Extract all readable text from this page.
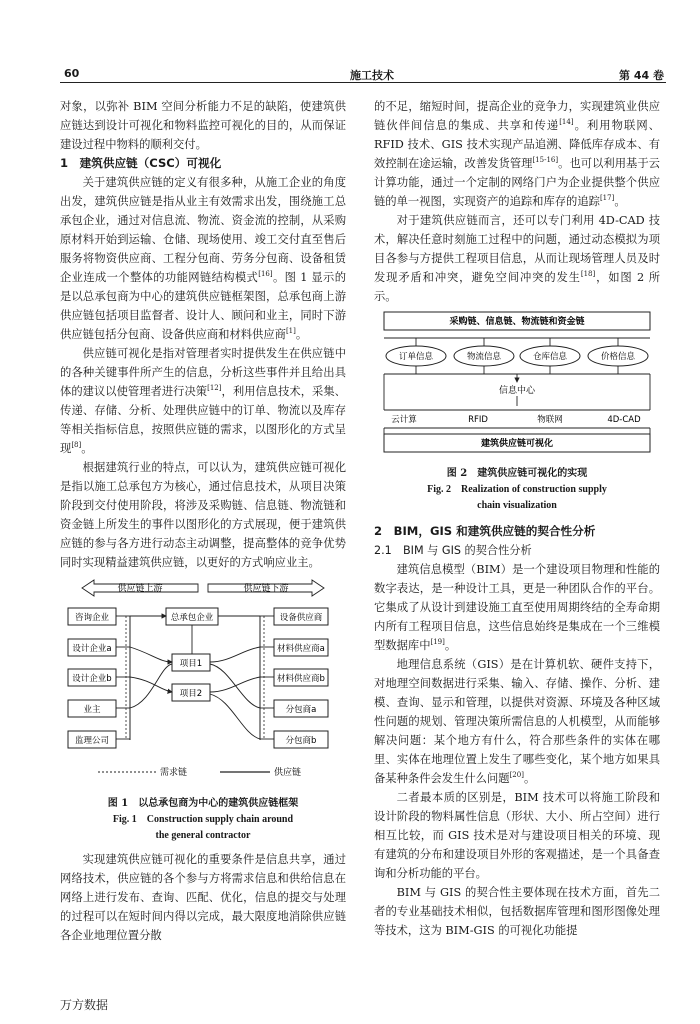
60	施工技术	第 44 卷

对象，以弥补 BIM 空间分析能力不足的缺陷，使建筑供应链达到设计可视化和物料监控可视化的目的，从而保证建设过程中物料的顺利交付。

1　建筑供应链（CSC）可视化

关于建筑供应链的定义有很多种，从施工企业的角度出发，建筑供应链是指从业主有效需求出发，围绕施工总承包企业，通过对信息流、物流、资金流的控制，从采购原材料开始到运输、仓储、现场使用、竣工交付直至售后服务将物资供应商、工程分包商、劳务分包商、设备租赁企业连成一个整体的功能网链结构模式[16]。图 1 显示的是以总承包商为中心的建筑供应链框架图，总承包商上游供应链包括项目监督者、设计人、顾问和业主，同时下游供应链包括分包商、设备供应商和材料供应商[1]。

供应链可视化是指对管理者实时提供发生在供应链中的各种关键事件所产生的信息，分析这些事件并且给出具体的建议以使管理者进行决策[12]，利用信息技术，采集、传递、存储、分析、处理供应链中的订单、物流以及库存等相关指标信息，按照供应链的需求，以图形化的方式呈现[8]。

根据建筑行业的特点，可以认为，建筑供应链可视化是指以施工总承包方为核心，通过信息技术，从项目决策阶段到交付使用阶段，将涉及采购链、信息链、物流链和资金链上所发生的事件以图形化的方式展现，便于建筑供应链的参与各方进行动态主动调整，提高整体的竞争优势同时实现精益建筑供应链，以更好的方式响应业主。

供应链上游	供应链下游
咨询企业
设计企业a
设计企业b
业主
监理公司
总承包企业
项目1
项目2
设备供应商
材料供应商a
材料供应商b
分包商a
分包商b
需求链	供应链
图 1　以总承包商为中心的建筑供应链框架
Fig. 1　Construction supply chain around
the general contractor

实现建筑供应链可视化的重要条件是信息共享，通过网络技术，供应链的各个参与方将需求信息和供给信息在网络上进行发布、查询、匹配、优化，信息的提交与处理的过程可以在短时间内得以完成，最大限度地消除供应链各企业地理位置分散

的不足，缩短时间，提高企业的竞争力，实现建筑业供应链伙伴间信息的集成、共享和传递[14]。利用物联网、RFID 技术、GIS 技术实现产品追溯、降低库存成本、有效控制在途运输，改善发货管理[15-16]。也可以利用基于云计算功能，通过一个定制的网络门户为企业提供整个供应链的单一视图，实现资产的追踪和库存的追踪[17]。

对于建筑供应链而言，还可以专门利用 4D-CAD 技术，解决任意时刻施工过程中的问题，通过动态模拟为项目各参与方提供工程项目信息，从而让现场管理人员及时发现矛盾和冲突，避免空间冲突的发生[18]，如图 2 所示。

采购链、信息链、物流链和资金链
订单信息	物流信息	仓库信息	价格信息
信息中心
云计算	RFID	物联网	4D-CAD
建筑供应链可视化
图 2　建筑供应链可视化的实现
Fig. 2　Realization of construction supply
chain visualization
2　BIM，GIS 和建筑供应链的契合性分析
2.1　BIM 与 GIS 的契合性分析

建筑信息模型（BIM）是一个建设项目物理和性能的数字表达，是一种设计工具，更是一种团队合作的平台。它集成了从设计到建设施工直至使用周期终结的全寿命期内所有工程项目信息，这些信息始终是集成在一个三维模型数据库中[19]。

地理信息系统（GIS）是在计算机软、硬件支持下，对地理空间数据进行采集、输入、存储、操作、分析、建模、查询、显示和管理，以提供对资源、环境及各种区域性问题的规划、管理决策所需信息的人机模型，从而能够解决问题：某个地方有什么，符合那些条件的实体在哪里、实体在地理位置上发生了哪些变化，某个地方如果具备某种条件会发生什么问题[20]。

二者最本质的区别是，BIM 技术可以将施工阶段和设计阶段的物料属性信息（形状、大小、所占空间）进行相互比较，而 GIS 技术是对与建设项目相关的环境、现有建筑的分布和建设项目外形的客观描述，是一个具备查询和分析功能的平台。

BIM 与 GIS 的契合性主要体现在技术方面，首先二者的专业基础技术相似，包括数据库管理和图形图像处理等技术，这为 BIM-GIS 的可视化功能提

万方数据
